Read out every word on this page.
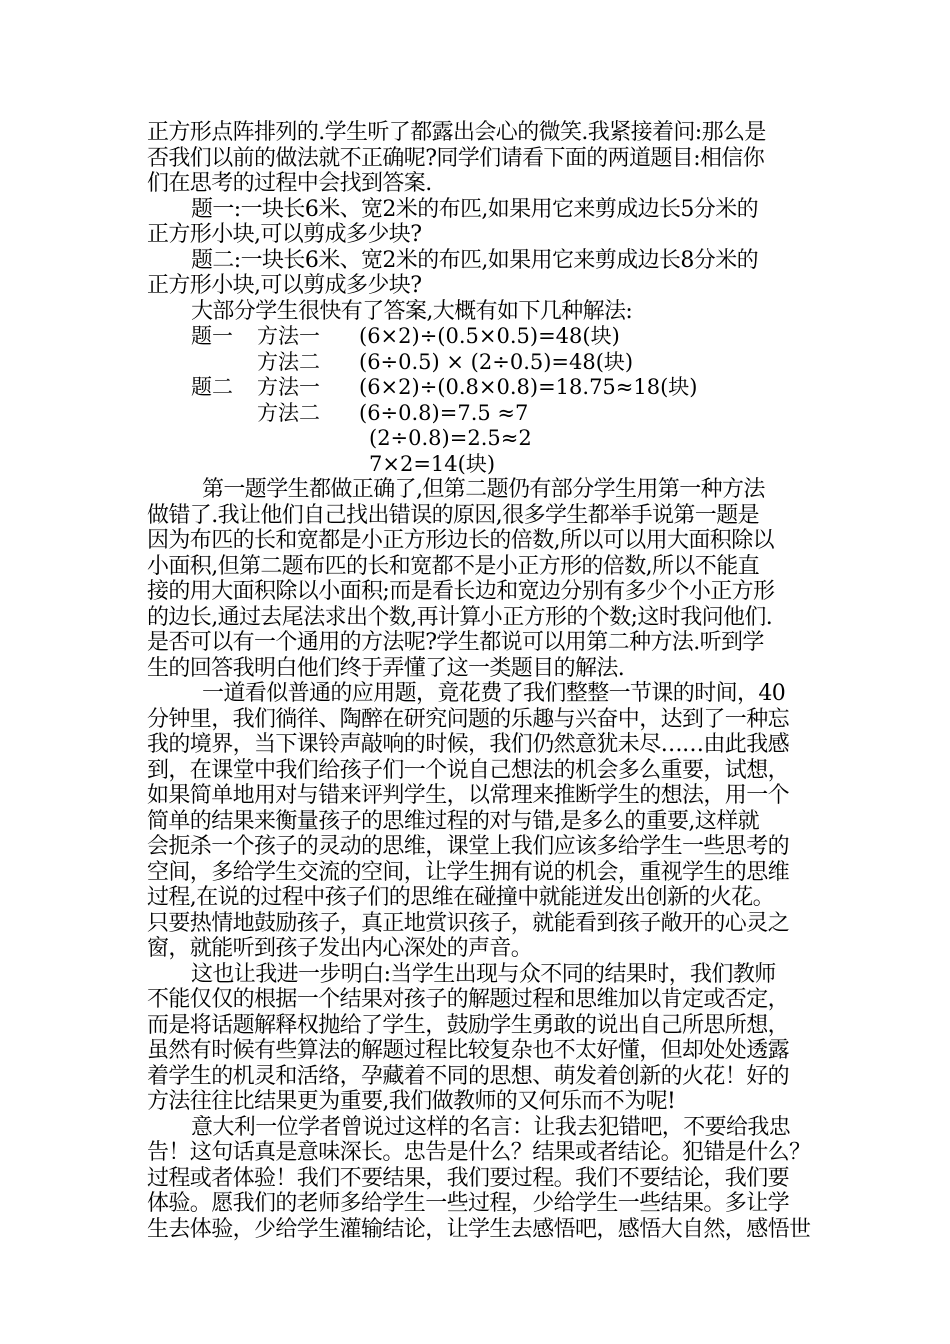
正方形点阵排列的.学生听了都露出会心的微笑.我紧接着问:那么是
否我们以前的做法就不正确呢?同学们请看下面的两道题目:相信你
们在思考的过程中会找到答案.
题一:一块长6米、宽2米的布匹,如果用它来剪成边长5分米的
正方形小块,可以剪成多少块?
题二:一块长6米、宽2米的布匹,如果用它来剪成边长8分米的
正方形小块,可以剪成多少块?
大部分学生很快有了答案,大概有如下几种解法:
题一 方法一 (6×2)÷(0.5×0.5)=48(块)
方法二 (6÷0.5) × (2÷0.5)=48(块)
题二 方法一 (6×2)÷(0.8×0.8)=18.75≈18(块)
方法二 (6÷0.8)=7.5 ≈7
(2÷0.8)=2.5≈2
7×2=14(块)
第一题学生都做正确了,但第二题仍有部分学生用第一种方法
做错了.我让他们自己找出错误的原因,很多学生都举手说第一题是
因为布匹的长和宽都是小正方形边长的倍数,所以可以用大面积除以
小面积,但第二题布匹的长和宽都不是小正方形的倍数,所以不能直
接的用大面积除以小面积;而是看长边和宽边分别有多少个小正方形
的边长,通过去尾法求出个数,再计算小正方形的个数;这时我问他们.
是否可以有一个通用的方法呢?学生都说可以用第二种方法.听到学
生的回答我明白他们终于弄懂了这一类题目的解法.
一道看似普通的应用题，竟花费了我们整整一节课的时间，40
分钟里，我们徜徉、陶醉在研究问题的乐趣与兴奋中，达到了一种忘
我的境界，当下课铃声敲响的时候，我们仍然意犹未尽……由此我感
到，在课堂中我们给孩子们一个说自己想法的机会多么重要，试想，
如果简单地用对与错来评判学生，以常理来推断学生的想法，用一个
简单的结果来衡量孩子的思维过程的对与错,是多么的重要,这样就
会扼杀一个孩子的灵动的思维，课堂上我们应该多给学生一些思考的
空间，多给学生交流的空间，让学生拥有说的机会，重视学生的思维
过程,在说的过程中孩子们的思维在碰撞中就能迸发出创新的火花。
只要热情地鼓励孩子，真正地赏识孩子，就能看到孩子敞开的心灵之
窗，就能听到孩子发出内心深处的声音。
这也让我进一步明白:当学生出现与众不同的结果时，我们教师
不能仅仅的根据一个结果对孩子的解题过程和思维加以肯定或否定，
而是将话题解释权抛给了学生，鼓励学生勇敢的说出自己所思所想，
虽然有时候有些算法的解题过程比较复杂也不太好懂，但却处处透露
着学生的机灵和活络，孕藏着不同的思想、萌发着创新的火花！好的
方法往往比结果更为重要,我们做教师的又何乐而不为呢!
意大利一位学者曾说过这样的名言：让我去犯错吧，不要给我忠
告！这句话真是意味深长。忠告是什么？结果或者结论。犯错是什么？
过程或者体验！我们不要结果，我们要过程。我们不要结论，我们要
体验。愿我们的老师多给学生一些过程，少给学生一些结果。多让学
生去体验，少给学生灌输结论，让学生去感悟吧，感悟大自然，感悟世
